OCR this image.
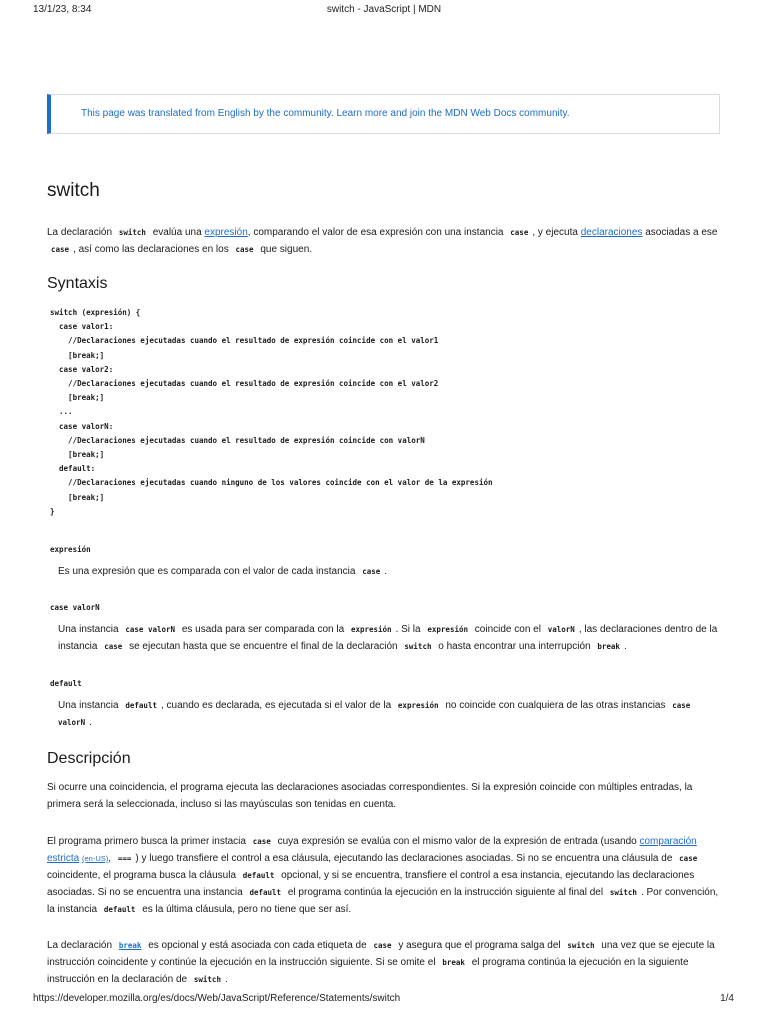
13/1/23, 8:34	switch - JavaScript | MDN
This page was translated from English by the community. Learn more and join the MDN Web Docs community.
switch

La declaración switch evalúa una expresión, comparando el valor de esa expresión con una instancia case , y ejecuta declaraciones asociadas a ese case , así como las declaraciones en los case que siguen.

Syntaxis
switch (expresión) {
case valor1:
//Declaraciones ejecutadas cuando el resultado de expresión coincide con el valor1
[break;]
case valor2:
//Declaraciones ejecutadas cuando el resultado de expresión coincide con el valor2
[break;]
...
case valorN:
//Declaraciones ejecutadas cuando el resultado de expresión coincide con valorN
[break;]
default:
//Declaraciones ejecutadas cuando ninguno de los valores coincide con el valor de la expresión
[break;]
}
expresión

Es una expresión que es comparada con el valor de cada instancia case .

case valorN

Una instancia case valorN es usada para ser comparada con la expresión . Si la expresión coincide con el valorN , las declaraciones dentro de la instancia case se ejecutan hasta que se encuentre el final de la declaración switch o hasta encontrar una interrupción break .

default

Una instancia default , cuando es declarada, es ejecutada si el valor de la expresión no coincide con cualquiera de las otras instancias case valorN .

Descripción

Si ocurre una coincidencia, el programa ejecuta las declaraciones asociadas correspondientes. Si la expresión coincide con múltiples entradas, la primera será la seleccionada, incluso si las mayúsculas son tenidas en cuenta.

El programa primero busca la primer instacia case cuya expresión se evalúa con el mismo valor de la expresión de entrada (usando comparación estricta (en-US), === ) y luego transfiere el control a esa cláusula, ejecutando las declaraciones asociadas. Si no se encuentra una cláusula de case coincidente, el programa busca la cláusula default opcional, y si se encuentra, transfiere el control a esa instancia, ejecutando las declaraciones asociadas. Si no se encuentra una instancia default el programa continúa la ejecución en la instrucción siguiente al final del switch . Por convención, la instancia default es la última cláusula, pero no tiene que ser así.

La declaración break es opcional y está asociada con cada etiqueta de case y asegura que el programa salga del switch una vez que se ejecute la instrucción coincidente y continúe la ejecución en la instrucción siguiente. Si se omite el break el programa continúa la ejecución en la siguiente instrucción en la declaración de switch .

https://developer.mozilla.org/es/docs/Web/JavaScript/Reference/Statements/switch	1/4
